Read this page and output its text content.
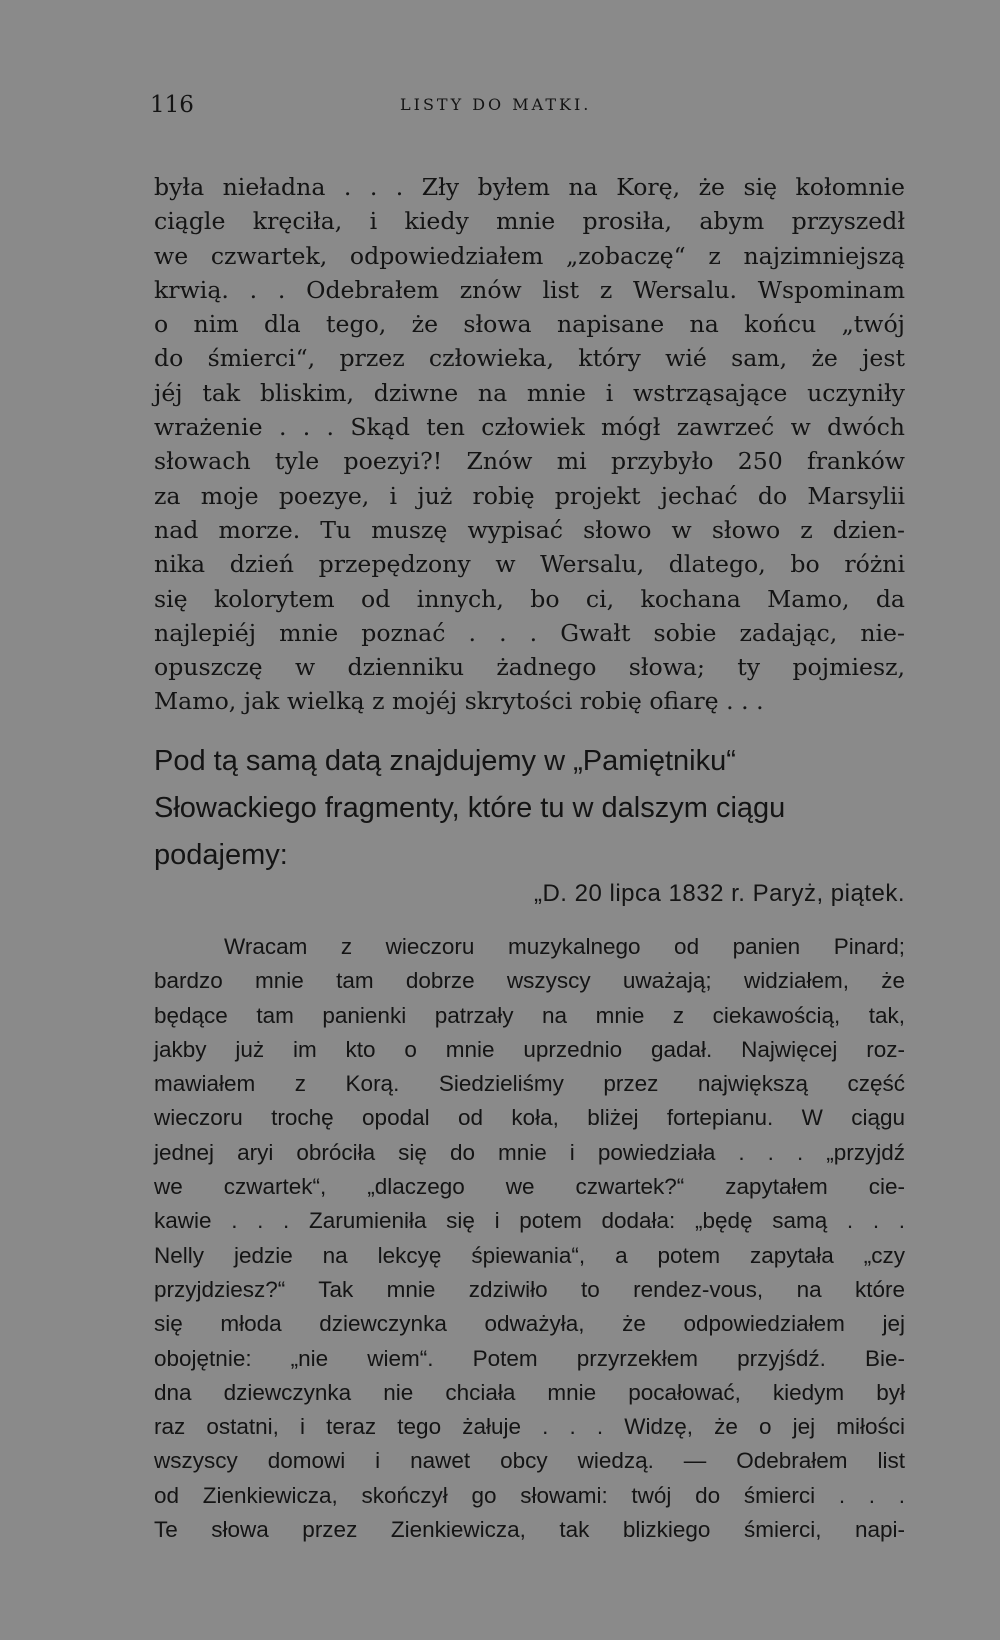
116	LISTY DO MATKI.
była nieładna . . . Zły byłem na Korę, że się kołomnie
ciągle kręciła, i kiedy mnie prosiła, abym przyszedł
we czwartek, odpowiedziałem „zobaczę“ z najzimniejszą
krwią. . . Odebrałem znów list z Wersalu. Wspominam
o nim dla tego, że słowa napisane na końcu „twój
do śmierci“, przez człowieka, który wié sam, że jest
jéj tak bliskim, dziwne na mnie i wstrząsające uczyniły
wrażenie . . . Skąd ten człowiek mógł zawrzeć w dwóch
słowach tyle poezyi?! Znów mi przybyło 250 franków
za moje poezye, i już robię projekt jechać do Marsylii
nad morze. Tu muszę wypisać słowo w słowo z dzien-
nika dzień przepędzony w Wersalu, dlatego, bo różni
się kolorytem od innych, bo ci, kochana Mamo, da
najlepiéj mnie poznać . . . Gwałt sobie zadając, nie-
opuszczę w dzienniku żadnego słowa; ty pojmiesz,
Mamo, jak wielką z mojéj skrytości robię ofiarę . . .
Pod tą samą datą znajdujemy w „Pamiętniku“
Słowackiego fragmenty, które tu w dalszym ciągu
podajemy:
„D. 20 lipca 1832 r. Paryż, piątek.
Wracam z wieczoru muzykalnego od panien Pinard;
bardzo mnie tam dobrze wszyscy uważają; widziałem, że
będące tam panienki patrzały na mnie z ciekawością, tak,
jakby już im kto o mnie uprzednio gadał. Najwięcej roz-
mawiałem z Korą. Siedzieliśmy przez największą część
wieczoru trochę opodal od koła, bliżej fortepianu. W ciągu
jednej aryi obróciła się do mnie i powiedziała . . . „przyjdź
we czwartek“, „dlaczego we czwartek?“ zapytałem cie-
kawie . . . Zarumieniła się i potem dodała: „będę samą . . .
Nelly jedzie na lekcyę śpiewania“, a potem zapytała „czy
przyjdziesz?“ Tak mnie zdziwiło to rendez-vous, na które
się młoda dziewczynka odważyła, że odpowiedziałem jej
obojętnie: „nie wiem“. Potem przyrzekłem przyjśdź. Bie-
dna dziewczynka nie chciała mnie pocałować, kiedym był
raz ostatni, i teraz tego żałuje . . . Widzę, że o jej miłości
wszyscy domowi i nawet obcy wiedzą. — Odebrałem list
od Zienkiewicza, skończył go słowami: twój do śmierci . . .
Te słowa przez Zienkiewicza, tak blizkiego śmierci, napi-
